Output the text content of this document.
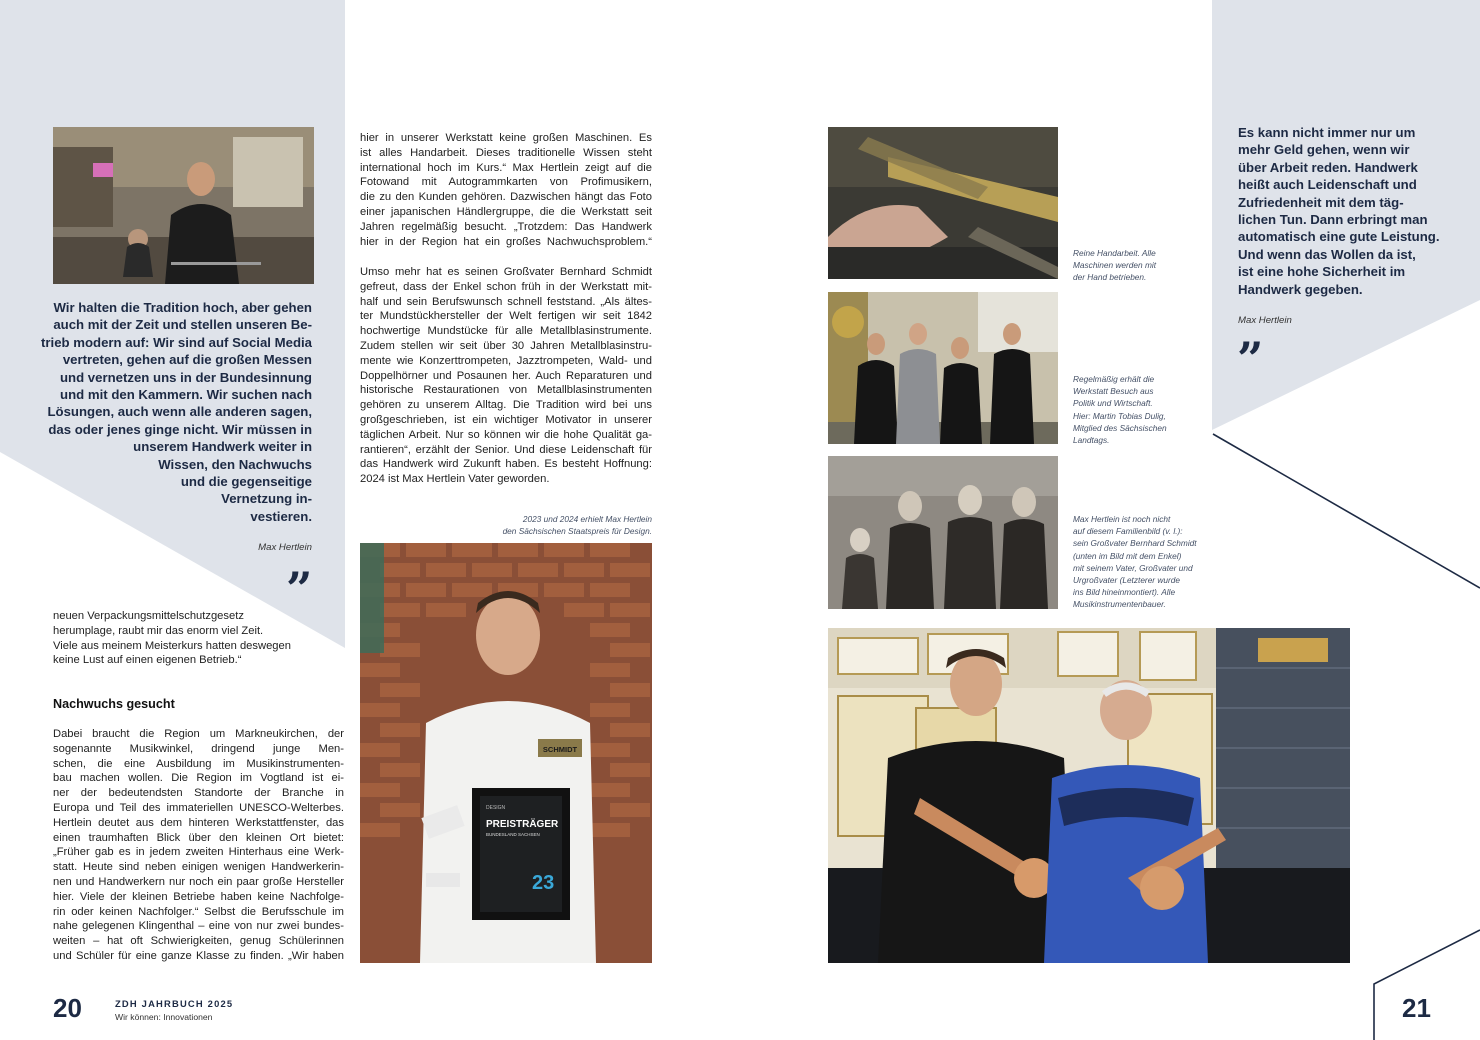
SCHMIDT
DESIGN
PREISTRÄGER
BUNDESLAND SACHSEN
23
Wir halten die Tradition hoch, aber gehen
auch mit der Zeit und stellen unseren Be-
trieb modern auf: Wir sind auf Social Media
vertreten, gehen auf die großen Messen
und vernetzen uns in der Bundesinnung
und mit den Kammern. Wir suchen nach
Lösungen, auch wenn alle anderen sagen,
das oder jenes ginge nicht. Wir müssen in
unserem Handwerk weiter in
Wissen, den Nachwuchs
und die gegenseitige
Vernetzung in-
vestieren.
Max Hertlein
”
neuen Verpackungsmittelschutzgesetz
herumplage, raubt mir das enorm viel Zeit.
Viele aus meinem Meisterkurs hatten deswegen
keine Lust auf einen eigenen Betrieb.“
Nachwuchs gesucht
Dabei braucht die Region um Markneukirchen, der
sogenannte Musikwinkel, dringend junge Men-
schen, die eine Ausbildung im Musikinstrumenten-
bau machen wollen. Die Region im Vogtland ist ei-
ner der bedeutendsten Standorte der Branche in
Europa und Teil des immateriellen UNESCO-Welterbes.
Hertlein deutet aus dem hinteren Werkstattfenster, das
einen traumhaften Blick über den kleinen Ort bietet:
„Früher gab es in jedem zweiten Hinterhaus eine Werk-
statt. Heute sind neben einigen wenigen Handwerkerin-
nen und Handwerkern nur noch ein paar große Hersteller
hier. Viele der kleinen Betriebe haben keine Nachfolge-
rin oder keinen Nachfolger.“ Selbst die Berufsschule im
nahe gelegenen Klingenthal – eine von nur zwei bundes-
weiten – hat oft Schwierigkeiten, genug Schülerinnen
und Schüler für eine ganze Klasse zu finden. „Wir haben
hier in unserer Werkstatt keine großen Maschinen. Es
ist alles Handarbeit. Dieses traditionelle Wissen steht
international hoch im Kurs.“ Max Hertlein zeigt auf die
Fotowand mit Autogrammkarten von Profimusikern,
die zu den Kunden gehören. Dazwischen hängt das Foto
einer japanischen Händlergruppe, die die Werkstatt seit
Jahren regelmäßig besucht. „Trotzdem: Das Handwerk
hier in der Region hat ein großes Nachwuchsproblem.“
Umso mehr hat es seinen Großvater Bernhard Schmidt
gefreut, dass der Enkel schon früh in der Werkstatt mit-
half und sein Berufswunsch schnell feststand. „Als ältes-
ter Mundstückhersteller der Welt fertigen wir seit 1842
hochwertige Mundstücke für alle Metallblasinstrumente.
Zudem stellen wir seit über 30 Jahren Metallblasinstru-
mente wie Konzerttrompeten, Jazztrompeten, Wald- und
Doppelhörner und Posaunen her. Auch Reparaturen und
historische Restaurationen von Metallblasinstrumenten
gehören zu unserem Alltag. Die Tradition wird bei uns
großgeschrieben, ist ein wichtiger Motivator in unserer
täglichen Arbeit. Nur so können wir die hohe Qualität ga-
rantieren“, erzählt der Senior. Und diese Leidenschaft für
das Handwerk wird Zukunft haben. Es besteht Hoffnung:
2024 ist Max Hertlein Vater geworden.
2023 und 2024 erhielt Max Hertlein
den Sächsischen Staatspreis für Design.
20	ZDH JAHRBUCH 2025
Wir können: Innovationen
Es kann nicht immer nur um
mehr Geld gehen, wenn wir
über Arbeit reden. Handwerk
heißt auch Leidenschaft und
Zufriedenheit mit dem täg-
lichen Tun. Dann erbringt man
automatisch eine gute Leistung.
Und wenn das Wollen da ist,
ist eine hohe Sicherheit im
Handwerk gegeben.
Max Hertlein
”
Reine Handarbeit. Alle
Maschinen werden mit
der Hand betrieben.
Regelmäßig erhält die
Werkstatt Besuch aus
Politik und Wirtschaft.
Hier: Martin Tobias Dulig,
Mitglied des Sächsischen
Landtags.
Max Hertlein ist noch nicht
auf diesem Familienbild (v. l.):
sein Großvater Bernhard Schmidt
(unten im Bild mit dem Enkel)
mit seinem Vater, Großvater und
Urgroßvater (Letzterer wurde
ins Bild hineinmontiert). Alle
Musikinstrumentenbauer.
21
